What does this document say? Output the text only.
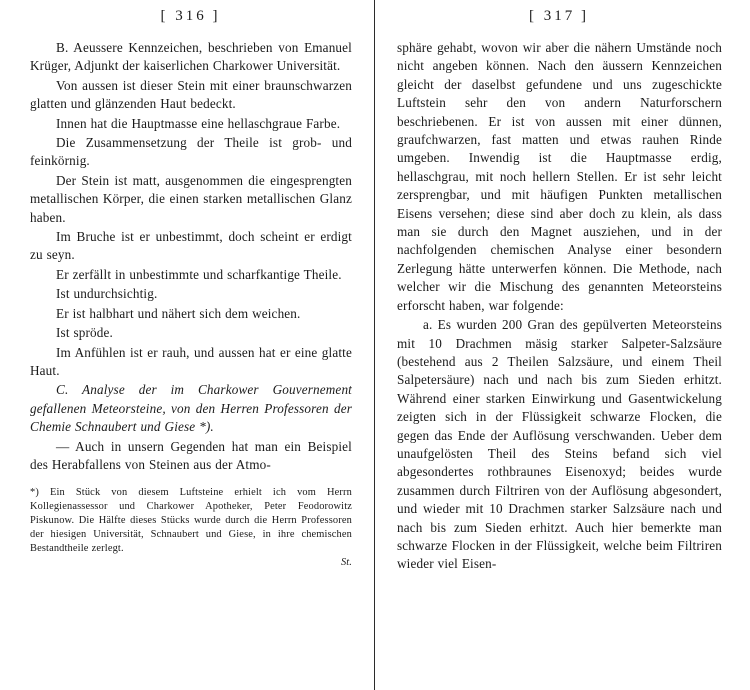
[ 316 ]

B. Aeussere Kennzeichen, beschrieben von Emanuel Krüger, Adjunkt der kaiserlichen Charkower Universität.

Von aussen ist dieser Stein mit einer braunschwarzen glatten und glänzenden Haut bedeckt.

Innen hat die Hauptmasse eine hellaschgraue Farbe.

Die Zusammensetzung der Theile ist grob- und feinkörnig.

Der Stein ist matt, ausgenommen die eingesprengten metallischen Körper, die einen starken metallischen Glanz haben.

Im Bruche ist er unbestimmt, doch scheint er erdigt zu seyn.

Er zerfällt in unbestimmte und scharfkantige Theile.

Ist undurchsichtig.

Er ist halbhart und nähert sich dem weichen.

Ist spröde.

Im Anfühlen ist er rauh, und aussen hat er eine glatte Haut.

C. Analyse der im Charkower Gouvernement gefallenen Meteorsteine, von den Herren Professoren der Chemie Schnaubert und Giese *).

— Auch in unsern Gegenden hat man ein Beispiel des Herabfallens von Steinen aus der Atmo-

*) Ein Stück von diesem Luftsteine erhielt ich vom Herrn Kollegienassessor und Charkower Apotheker, Peter Feodorowitz Piskunow. Die Hälfte dieses Stücks wurde durch die Herrn Professoren der hiesigen Universität, Schnaubert und Giese, in ihre chemischen Bestandtheile zerlegt.

St.
[ 317 ]

sphäre gehabt, wovon wir aber die nähern Umstände noch nicht angeben können. Nach den äussern Kennzeichen gleicht der daselbst gefundene und uns zugeschickte Luftstein sehr den von andern Naturforschern beschriebenen. Er ist von aussen mit einer dünnen, graufchwarzen, fast matten und etwas rauhen Rinde umgeben. Inwendig ist die Hauptmasse erdig, hellaschgrau, mit noch hellern Stellen. Er ist sehr leicht zersprengbar, und mit häufigen Punkten metallischen Eisens versehen; diese sind aber doch zu klein, als dass man sie durch den Magnet ausziehen, und in der nachfolgenden chemischen Analyse einer besondern Zerlegung hätte unterwerfen können. Die Methode, nach welcher wir die Mischung des genannten Meteorsteins erforscht haben, war folgende:

a. Es wurden 200 Gran des gepülverten Meteorsteins mit 10 Drachmen mäsig starker Salpeter-Salzsäure (bestehend aus 2 Theilen Salzsäure, und einem Theil Salpetersäure) nach und nach bis zum Sieden erhitzt. Während einer starken Einwirkung und Gasentwickelung zeigten sich in der Flüssigkeit schwarze Flocken, die gegen das Ende der Auflösung verschwanden. Ueber dem unaufgelösten Theil des Steins befand sich viel abgesondertes rothbraunes Eisenoxyd; beides wurde zusammen durch Filtriren von der Auflösung abgesondert, und wieder mit 10 Drachmen starker Salzsäure nach und nach bis zum Sieden erhitzt. Auch hier bemerkte man schwarze Flocken in der Flüssigkeit, welche beim Filtriren wieder viel Eisen-
